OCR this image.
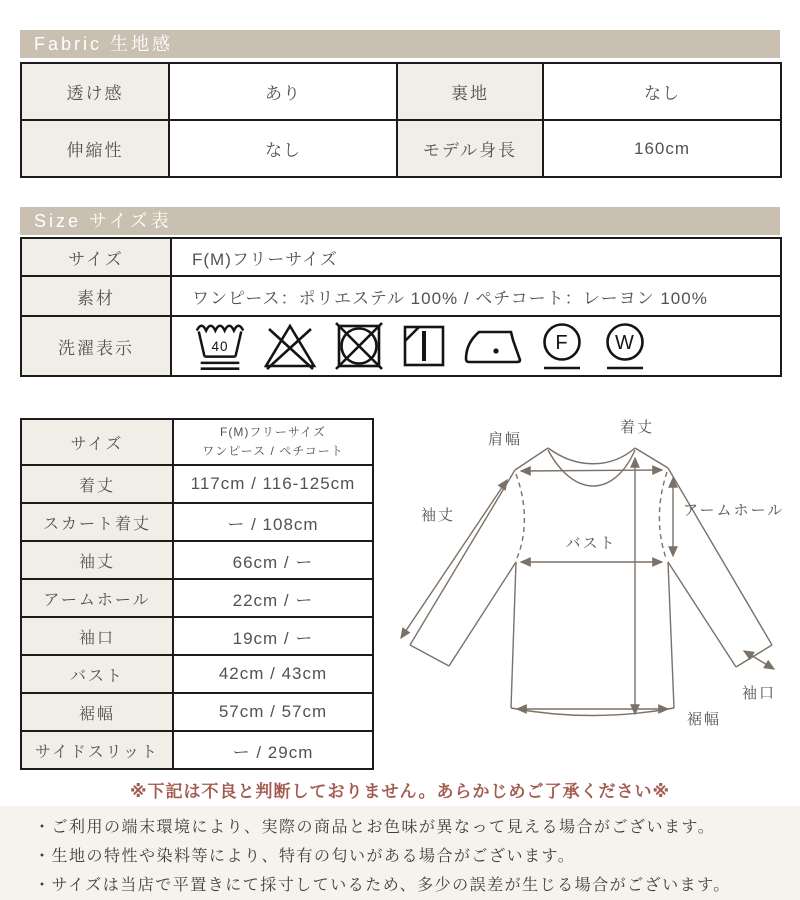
Fabric 生地感
透け感	あり	裏地	なし
伸縮性	なし	モデル身長	160cm
Size サイズ表
サイズ	F(M)フリーサイズ
素材	ワンピース：ポリエステル 100% / ペチコート：レーヨン 100%
洗濯表示	40 F W
サイズ	F(M)フリーサイズ
ワンピース / ペチコート

着丈	117cm / 116-125cm
スカート着丈	ー / 108cm
袖丈	66cm / ー
アームホール	22cm / ー
袖口	19cm / ー
バスト	42cm / 43cm
裾幅	57cm / 57cm
サイドスリット	ー / 29cm
肩幅
着丈
袖丈
バスト
アームホール
袖口
裾幅
※下記は不良と判断しておりません。あらかじめご了承ください※
・ご利用の端末環境により、実際の商品とお色味が異なって見える場合がございます。
・生地の特性や染料等により、特有の匂いがある場合がございます。
・サイズは当店で平置きにて採寸しているため、多少の誤差が生じる場合がございます。
